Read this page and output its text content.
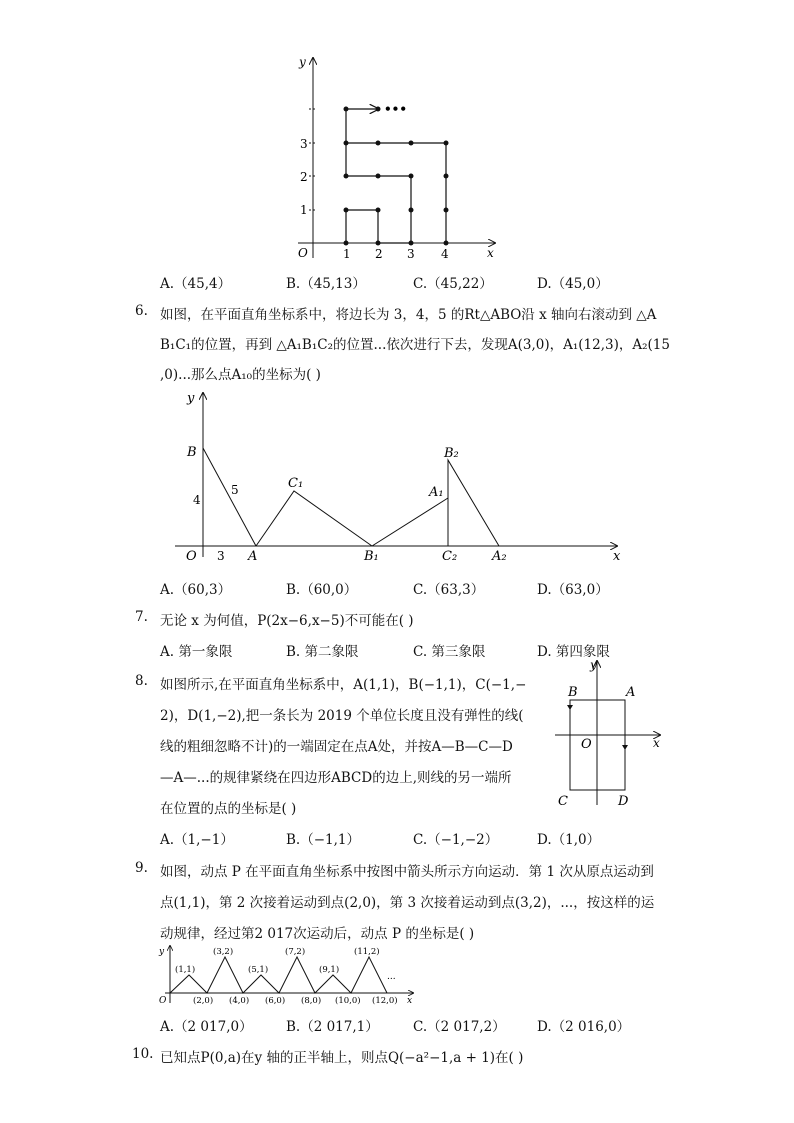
y
x
O
1
2
3
1 2 3 4
•••
A.（45,4）	B.（45,13）	C.（45,22）	D.（45,0）
6. 如图，在平面直角坐标系中，将边长为 3，4，5 的Rt△ABO沿 x 轴向右滚动到 △A
B₁C₁的位置，再到 △A₁B₁C₂的位置...依次进行下去，发现A(3,0)，A₁(12,3)，A₂(15
,0)...那么点A₁₀的坐标为( )
y
x
O
B
4
5
3 A
C₁
B₁
A₁
B₂
C₂	A₂
A.（60,3）	B.（60,0）	C.（63,3）	D.（63,0）
7. 无论 x 为何值，P(2x−6,x−5)不可能在( )
A. 第一象限	B. 第二象限	C. 第三象限	D. 第四象限
8. 如图所示,在平面直角坐标系中，A(1,1)，B(−1,1)，C(−1,−
2)，D(1,−2),把一条长为 2019 个单位长度且没有弹性的线(
线的粗细忽略不计)的一端固定在点A处，并按A—B—C—D
—A—...的规律紧绕在四边形ABCD的边上,则线的另一端所
在位置的点的坐标是( )
y
x
O
B	A
C	D
A.（1,−1）	B.（−1,1）	C.（−1,−2）	D.（1,0）
9. 如图，动点 P 在平面直角坐标系中按图中箭头所示方向运动．第 1 次从原点运动到
点(1,1)，第 2 次接着运动到点(2,0)，第 3 次接着运动到点(3,2)，...，按这样的运
动规律，经过第2 017次运动后，动点 P 的坐标是( )
y
x
O
(1,1)
(3,2)
(5,1)
(7,2)
(9,1)
(11,2)
...
(2,0) (4,0) (6,0) (8,0) (10,0) (12,0)
A.（2 017,0） B.（2 017,1）	C.（2 017,2） D.（2 016,0）
10. 已知点P(0,a)在y 轴的正半轴上，则点Q(−a²−1,a + 1)在( )
